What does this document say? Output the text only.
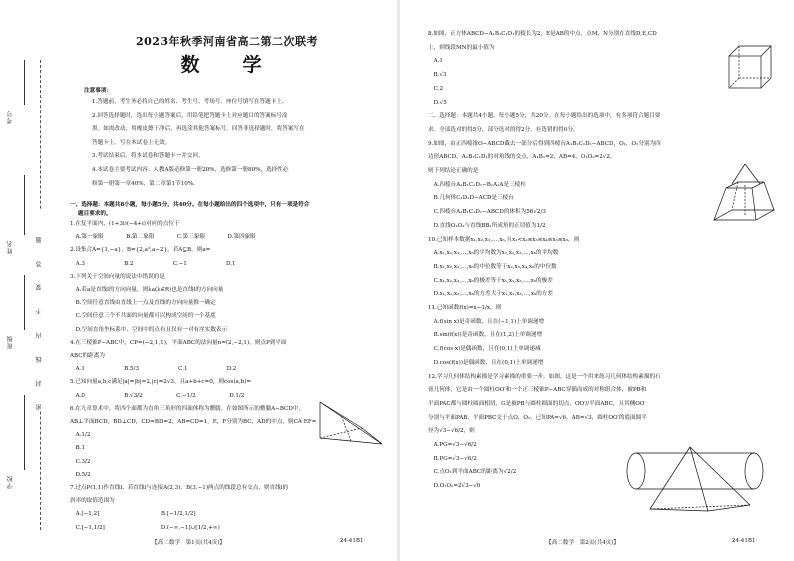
考号
姓名
班级
学校
密 封 线 内 不 要 答 题
2023年秋季河南省高二第二次联考
数　学
注意事项：
1.答题前，考生务必将自己的姓名、考生号、考场号、座位号填写在答题卡上。
2.回答选择题时，选出每小题答案后，用铅笔把答题卡上对应题目的答案标号涂
黑。如需改动，用橡皮擦干净后，再选涂其他答案标号。回答非选择题时，将答案写在
答题卡上。写在本试卷上无效。
3.考试结束后，将本试卷和答题卡一并交回。
4.本试卷主要考试内容：人教A版必修第一册20%，选修第一册80%，选择性必
修第一册第一章40%，第二章第1节10%。
一、选择题：本题共8小题，每小题5分，共40分。在每小题给出的四个选项中，只有一项是符合
题目要求的。
1.在复平面内，(1+3i)(−4+i)对应的点位于
　A.第一象限　　　　B.第二象限　　　　C.第三象限　　　　D.第四象限
2.设集合A={1,−a}，B={2,a²,a−2}，若A⊆B，则a=
　A.3　　　　　　　B.2　　　　　　　C.−1　　　　　　　D.1
3.下列关于空间向量的说法中错误的是
　A.若a是直线l的方向向量，则λa(λ∈R)也是直线l的方向向量
　B.空间任意直线由直线上一点及直线的方向向量惟一确定
　C.空间任意三个不共面的向量都可以构成空间的一个基底
　D.空间直角坐标系中，空间中的点有且仅有一对有序实数表示
4.在三棱锥P−ABC中，CP=(−2,1,1)，平面ABC的法向量n=(2,−2,1)，则点P到平面
ABC的距离为
　A.1　　　　　　　B.5/3　　　　　　　C.1　　　　　　　D.2
5.已知向量a,b,c满足|a|=|b|=2,|c|=2√3，且a+b+c=0，则cos⟨a,b⟩=
　A.0　　　　　　　B.√3/2　　　　　　C.−1/2　　　　　　D.1/2
6.在九章算术中，将四个面都为直角三角形的四面体称为鳖臑。在如图所示的鳖臑A−BCD中，
AB⊥平面BCD，BD⊥CD，CD=BD=2，AB=CD=1，E，F分别为BC，AD的中点，则CA·EF=
　A.1/2
　B.1
　C.3/2
　D.5/2
7.过点P(1,1)作直线l，若直线l与连接A(2,3)，B(3,−1)两点的线段总有交点，则直线l的
斜率的取值范围为
　A.[−1,2]　　　　　　　　　　　B.[−1/2,1/2]
　C.[−1,1/2]　　　　　　　　　　D.(−∞,−1]∪[1/2,+∞)
【高二数学　第1页(共4页)】	·24-41B1·
8.如图，正方体ABCD−A₁B₁C₁D₁的棱长为2，E是AB的中点，点M，N分别在直线D,E,CD
上，则线段MN的最小值为
　A.1
　B.√3
　C.2
　D.√5
二、选择题：本题共4小题，每小题5分，共20分。在每小题给出的选项中，有多项符合题目要
求。全部选对的得5分，部分选对的得2分，有选错的得0分。
9.如图，由正四棱锥O−ABCD截去一部分后得到四棱台A₁B₁C₁D₁−ABCD，O₁，O₂分别为四
边形ABCD，A₁B₁C₁D₁的对角线的交点，A₁B₁=2，AB=4，O₁O₂=2√2，
则下列结论正确的是
　A.四棱台A₁B₁C₁D₁−B₁A₁A是三棱柱
　B.几何体C₁D₁D−ACD是三棱台
　C.四棱台A₁B₁C₁D₁−ABCD的体积为56√2/3
　D.直线O₁O₂与直线BB₁所成角的正切值为1/2
10.已知样本数据x₁,x₂,x₃,…,x₆,且x₁<x₂≤x₃≤x₄≤x₅≤x₆，则
　A.x₁,x₂,x₃,…,x₆的平均数为x₁,x₂,x₃,…,x₆的平均数
　B.x₁,x₂,x₃,…,x₆的中位数等于x₂,x₃,x₄,x₅的中位数
　C.x₁,x₂,x₃,…,x₆的极差等于x₁,x₂,x₃,…,x₆的极差
　D.x₁,x₂,x₃,…,x₆的方差大于x₁,x₂,x₃,…,x₆的方差
11.已知函数f(x)=x−1/x，则
　A.f(sin x)是奇函数，且在(−1,1)上单调递增
　B.sin(f(x))是奇函数，且在(1,2)上单调递增
　C.f(cos x)是偶函数，且在(0,1)上单调递减
　D.cos(f(x))是偶函数，且在(0,1)上单调递增
12.学习几何体结构素描是学习素描的重要一步。如图，这是一个用来练习几何体结构素描的石
膏几何体，它是由一个圆柱OO′和一个正三棱锥P−ABC穿插而成的对称组合体，被PB和
平面PAC都与圆柱圆面相切，G是被PB与圆柱圆面的切点，OO′//平面ABC，且其侧OO′
分别与平面PAB，平面PBC交于点O，O₂，已知PA=√6，AB=√3，圆柱OO′的底面圆半
径为√3−√6/2，则
　A.PG=√3−√6/2
　B.PG=√3−√6/2
　C.点O₁到平面ABC的距离为√2/2
　D.O₁O₂=2√3−√6
【高二数学　第2页(共4页)】	·24-41B1·
